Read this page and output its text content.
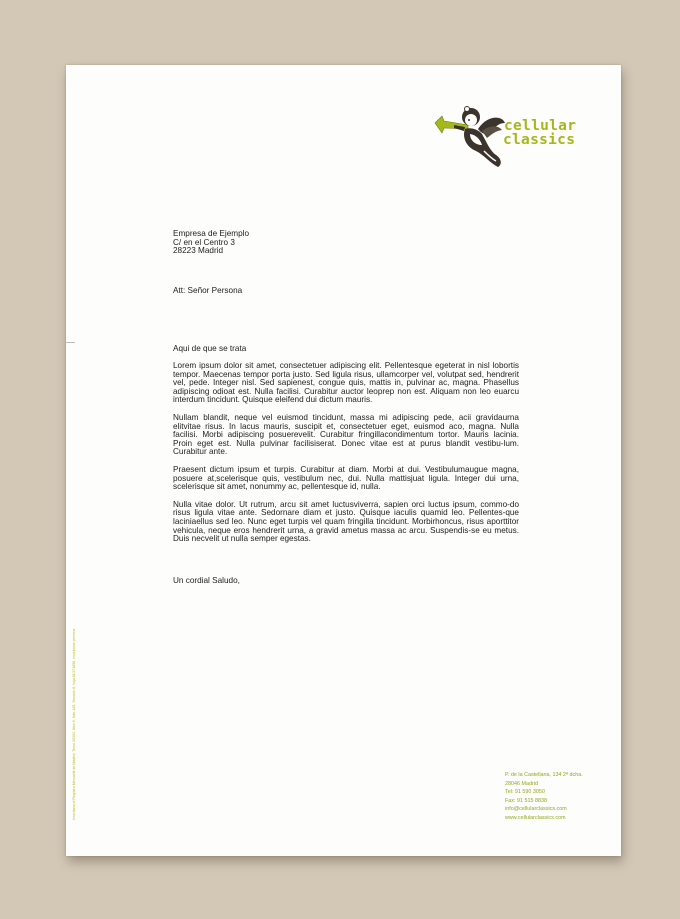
cellular
classics
Empresa de Ejemplo
C/ en el Centro 3
28223 Madrid
Att: Señor Persona
Aqui de que se trata

Lorem ipsum dolor sit amet, consectetuer adipiscing elit. Pellentesque egeterat in nisl lobortis tempor. Maecenas tempor porta justo. Sed ligula risus, ullamcorper vel, volutpat sed, hendrerit vel, pede. Integer nisl. Sed sapienest, congue quis, mattis in, pulvinar ac, magna. Phasellus adipiscing odioat est. Nulla facilisi. Curabitur auctor leoprep non est. Aliquam non leo euarcu interdum tincidunt. Quisque eleifend dui dictum mauris.

Nullam blandit, neque vel euismod tincidunt, massa mi adipiscing pede, acii gravidaurna elitvitae risus. In lacus mauris, suscipit et, consectetuer eget, euismod aco, magna. Nulla facilisi. Morbi adipiscing posuerevelit. Curabitur fringillacondimentum tortor. Mauris lacinia. Proin eget est. Nulla pulvinar facilisiserat. Donec vitae est at purus blandit vestibu-lum. Curabitur ante.

Praesent dictum ipsum et turpis. Curabitur at diam. Morbi at dui. Vestibulumaugue magna, posuere at,scelerisque quis, vestibulum nec, dui. Nulla mattisjuat ligula. Integer dui urna, scelerisque sit amet, nonummy ac, pellentesque id, nulla.

Nulla vitae dolor. Ut rutrum, arcu sit amet luctusviverra, sapien orci luctus ipsum, commo-do risus ligula vitae ante. Sedornare diam et justo. Quisque iaculis quamid leo. Pellentes-que laciniaellus sed leo. Nunc eget turpis vel quam fringilla tincidunt. Morbirhoncus, risus aporttitor vehicula, neque eros hendrerit urna, a gravid ametus massa ac arcu. Suspendis-se eu metus. Duis necvelit ut nulla semper egestas.

Un cordial Saludo,
Inscritana el Registro Mercantil de Madrid, Tomo 20302, libro 0, folio 125, Sección 8, hoja M-371698, inscripción primera	P. de la Castellana, 134 2ª dcha.
28046 Madrid
Tel: 91 590 3050
Fax: 91 515 8838
info@cellularclassics.com
www.cellularclassics.com
